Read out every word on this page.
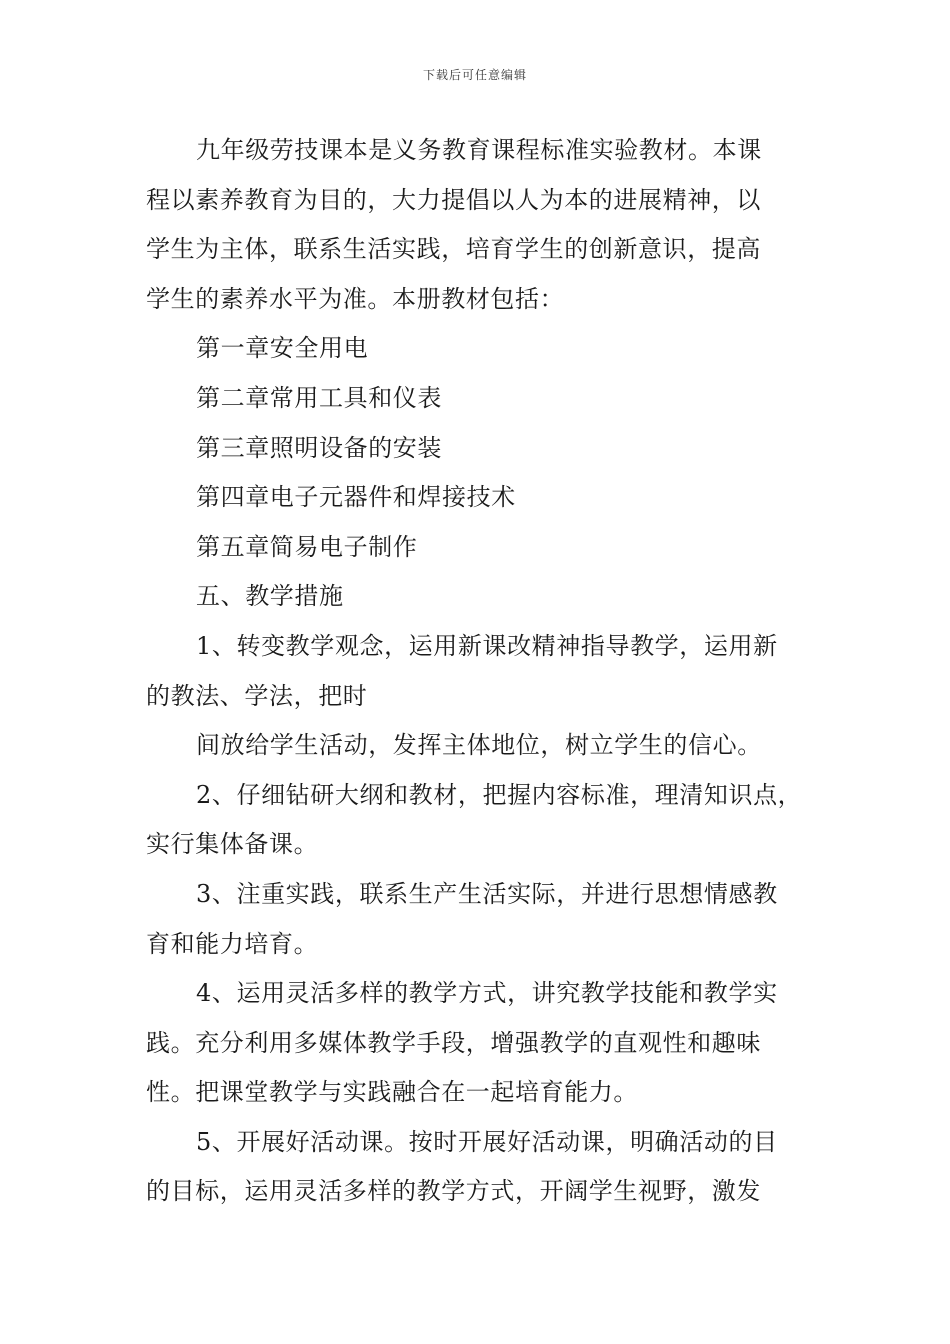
下载后可任意编辑
九年级劳技课本是义务教育课程标准实验教材。本课
程以素养教育为目的，大力提倡以人为本的进展精神，以
学生为主体，联系生活实践，培育学生的创新意识，提高
学生的素养水平为准。本册教材包括：
第一章安全用电
第二章常用工具和仪表
第三章照明设备的安装
第四章电子元器件和焊接技术
第五章简易电子制作
五、教学措施
1、转变教学观念，运用新课改精神指导教学，运用新
的教法、学法，把时
间放给学生活动，发挥主体地位，树立学生的信心。
2、仔细钻研大纲和教材，把握内容标准，理清知识点，
实行集体备课。
3、注重实践，联系生产生活实际，并进行思想情感教
育和能力培育。
4、运用灵活多样的教学方式，讲究教学技能和教学实
践。充分利用多媒体教学手段，增强教学的直观性和趣味
性。把课堂教学与实践融合在一起培育能力。
5、开展好活动课。按时开展好活动课，明确活动的目
的目标，运用灵活多样的教学方式，开阔学生视野，激发
